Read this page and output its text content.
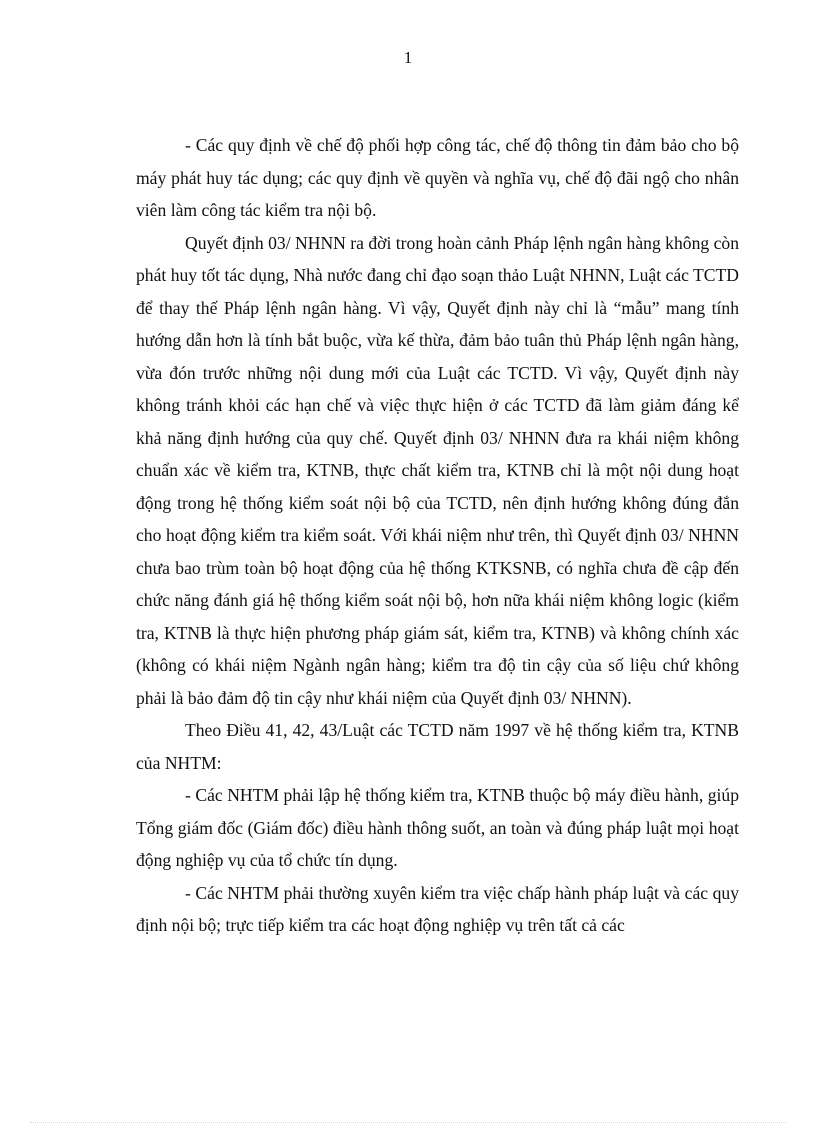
1

- Các quy định về chế độ phối hợp công tác, chế độ thông tin đảm bảo cho bộ máy phát huy tác dụng; các quy định về quyền và nghĩa vụ, chế độ đãi ngộ cho nhân viên làm công tác kiểm tra nội bộ.

Quyết định 03/ NHNN ra đời trong hoàn cảnh Pháp lệnh ngân hàng không còn phát huy tốt tác dụng, Nhà nước đang chỉ đạo soạn thảo Luật NHNN, Luật các TCTD để thay thế Pháp lệnh ngân hàng. Vì vậy, Quyết định này chỉ là “mẫu” mang tính hướng dẫn hơn là tính bắt buộc, vừa kế thừa, đảm bảo tuân thủ Pháp lệnh ngân hàng, vừa đón trước những nội dung mới của Luật các TCTD. Vì vậy, Quyết định này không tránh khỏi các hạn chế và việc thực hiện ở các TCTD đã làm giảm đáng kể khả năng định hướng của quy chế. Quyết định 03/ NHNN đưa ra khái niệm không chuẩn xác về kiểm tra, KTNB, thực chất kiểm tra, KTNB chỉ là một nội dung hoạt động trong hệ thống kiểm soát nội bộ của TCTD, nên định hướng không đúng đắn cho hoạt động kiểm tra kiểm soát. Với khái niệm như trên, thì Quyết định 03/ NHNN chưa bao trùm toàn bộ hoạt động của hệ thống KTKSNB, có nghĩa chưa đề cập đến chức năng đánh giá hệ thống kiểm soát nội bộ, hơn nữa khái niệm không logic (kiểm tra, KTNB là thực hiện phương pháp giám sát, kiểm tra, KTNB) và không chính xác (không có khái niệm Ngành ngân hàng; kiểm tra độ tin cậy của số liệu chứ không phải là bảo đảm độ tin cậy như khái niệm của Quyết định 03/ NHNN).

Theo Điều 41, 42, 43/Luật các TCTD năm 1997 về hệ thống kiểm tra, KTNB của NHTM:

- Các NHTM phải lập hệ thống kiểm tra, KTNB thuộc bộ máy điều hành, giúp Tổng giám đốc (Giám đốc) điều hành thông suốt, an toàn và đúng pháp luật mọi hoạt động nghiệp vụ của tổ chức tín dụng.

- Các NHTM phải thường xuyên kiểm tra việc chấp hành pháp luật và các quy định nội bộ; trực tiếp kiểm tra các hoạt động nghiệp vụ trên tất cả các
